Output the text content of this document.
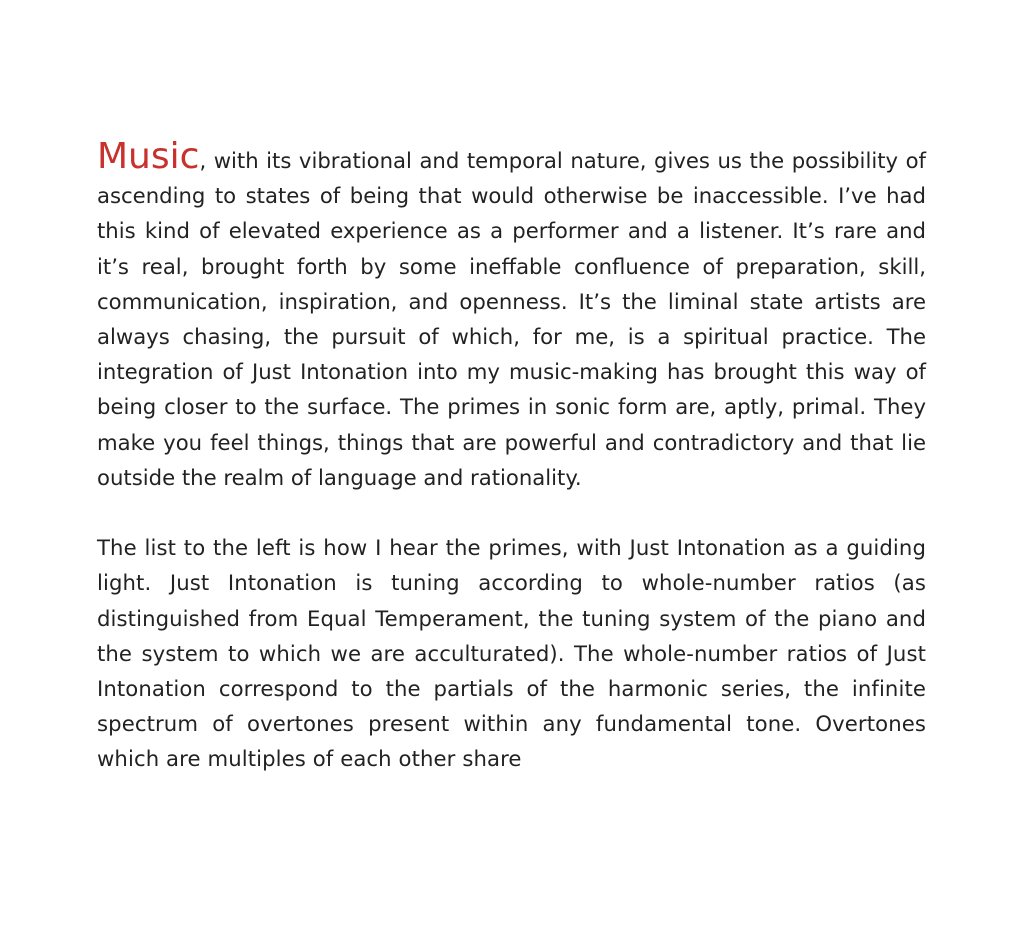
Music, with its vibrational and temporal nature, gives us the possibility of ascending to states of being that would otherwise be inaccessible. I’ve had this kind of elevated experience as a performer and a listener. It’s rare and it’s real, brought forth by some ineffable confluence of preparation, skill, communication, inspiration, and openness. It’s the liminal state artists are always chasing, the pursuit of which, for me, is a spiritual practice. The integration of Just Intonation into my music-making has brought this way of being closer to the surface. The primes in sonic form are, aptly, primal. They make you feel things, things that are powerful and contradictory and that lie outside the realm of language and rationality.

The list to the left is how I hear the primes, with Just Intonation as a guiding light. Just Intonation is tuning according to whole-number ratios (as distinguished from Equal Temperament, the tuning system of the piano and the system to which we are acculturated). The whole-number ratios of Just Intonation correspond to the partials of the harmonic series, the infinite spectrum of overtones present within any fundamental tone. Overtones which are multiples of each other share
